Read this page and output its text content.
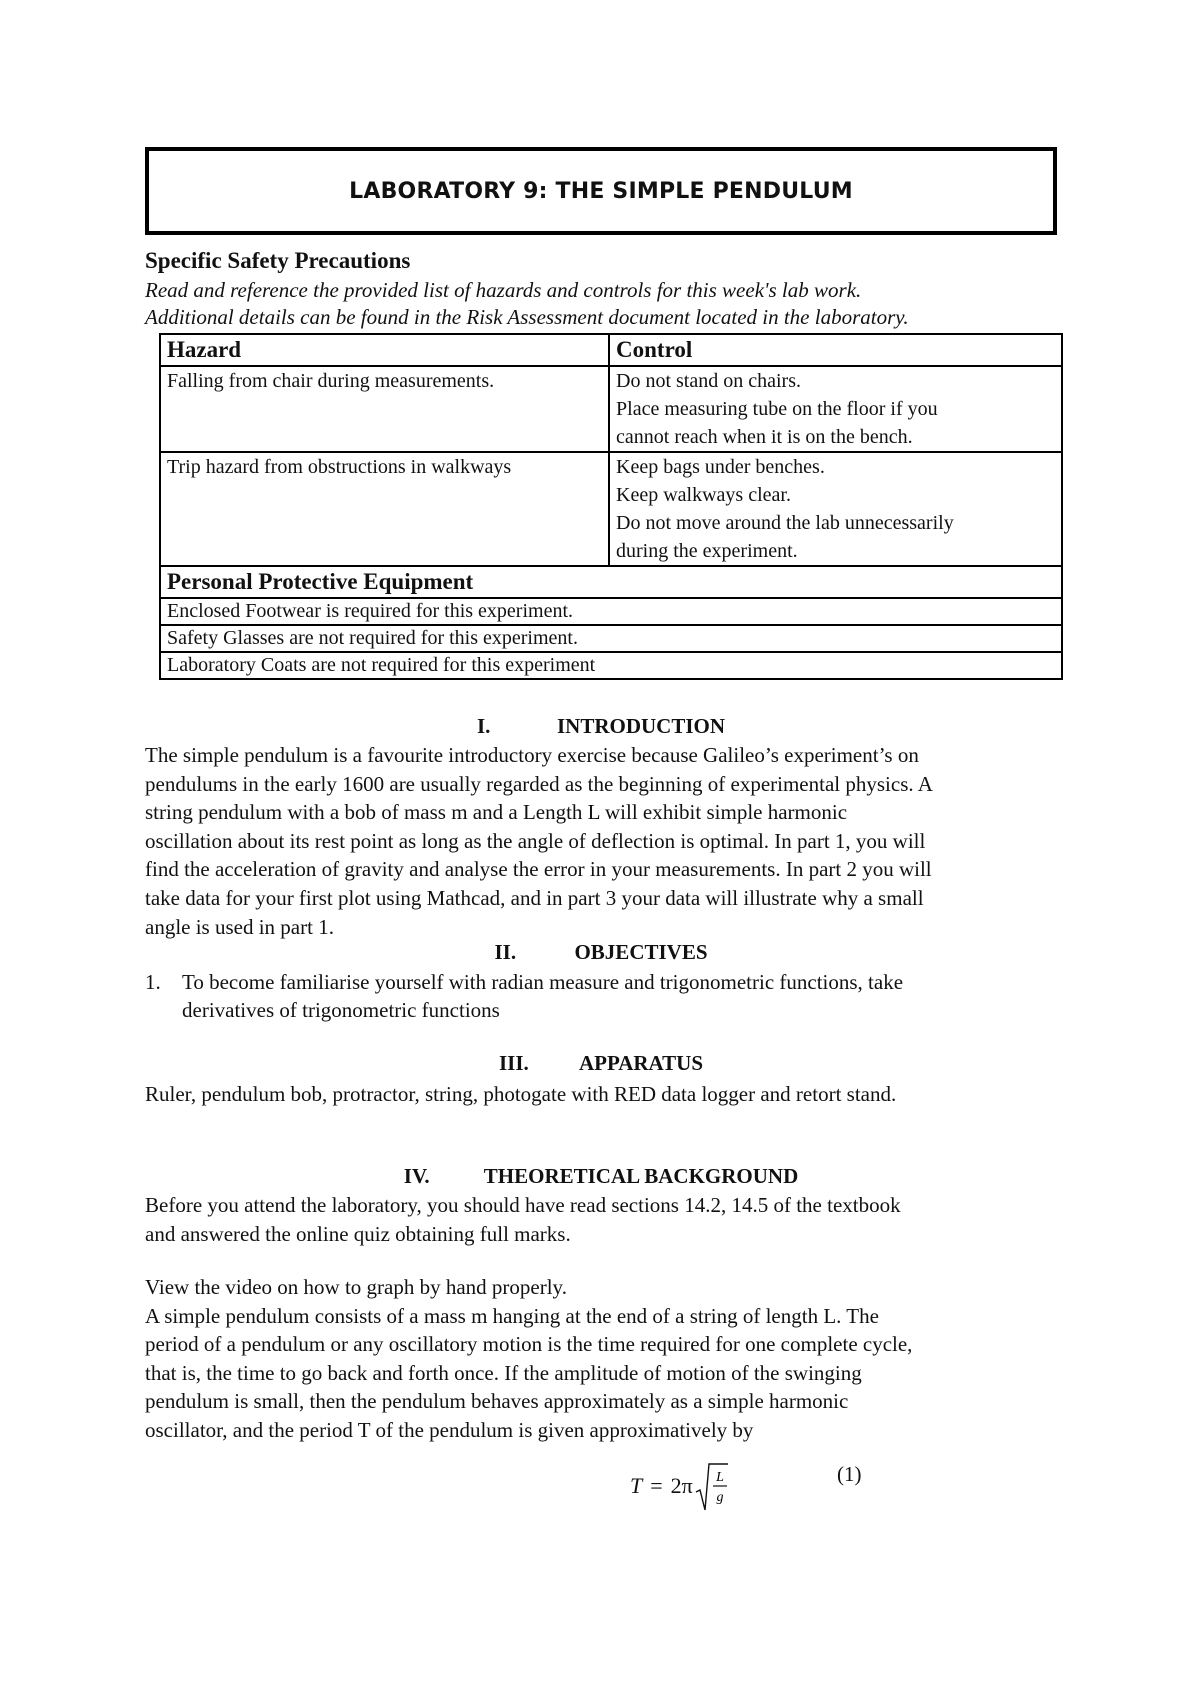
LABORATORY 9: THE SIMPLE PENDULUM
Specific Safety Precautions
Read and reference the provided list of hazards and controls for this week's lab work.
Additional details can be found in the Risk Assessment document located in the laboratory.
Hazard	Control
Falling from chair during measurements.	Do not stand on chairs.
Place measuring tube on the floor if you
cannot reach when it is on the bench.

Trip hazard from obstructions in walkways	Keep bags under benches.
Keep walkways clear.
Do not move around the lab unnecessarily
during the experiment.

Personal Protective Equipment	
Enclosed Footwear is required for this experiment.	
Safety Glasses are not required for this experiment.	
Laboratory Coats are not required for this experiment	
I.	INTRODUCTION
The simple pendulum is a favourite introductory exercise because Galileo’s experiment’s on
pendulums in the early 1600 are usually regarded as the beginning of experimental physics. A
string pendulum with a bob of mass m and a Length L will exhibit simple harmonic
oscillation about its rest point as long as the angle of deflection is optimal. In part 1, you will
find the acceleration of gravity and analyse the error in your measurements. In part 2 you will
take data for your first plot using Mathcad, and in part 3 your data will illustrate why a small
angle is used in part 1.
II.	OBJECTIVES
1. To become familiarise yourself with radian measure and trigonometric functions, take
derivatives of trigonometric functions
III. APPARATUS
Ruler, pendulum bob, protractor, string, photogate with RED data logger and retort stand.
IV.	THEORETICAL BACKGROUND
Before you attend the laboratory, you should have read sections 14.2, 14.5 of the textbook
and answered the online quiz obtaining full marks.
View the video on how to graph by hand properly.
A simple pendulum consists of a mass m hanging at the end of a string of length L. The
period of a pendulum or any oscillatory motion is the time required for one complete cycle,
that is, the time to go back and forth once. If the amplitude of motion of the swinging
pendulum is small, then the pendulum behaves approximately as a simple harmonic
oscillator, and the period T of the pendulum is given approximatively by
T = 2π L
g
(1)
